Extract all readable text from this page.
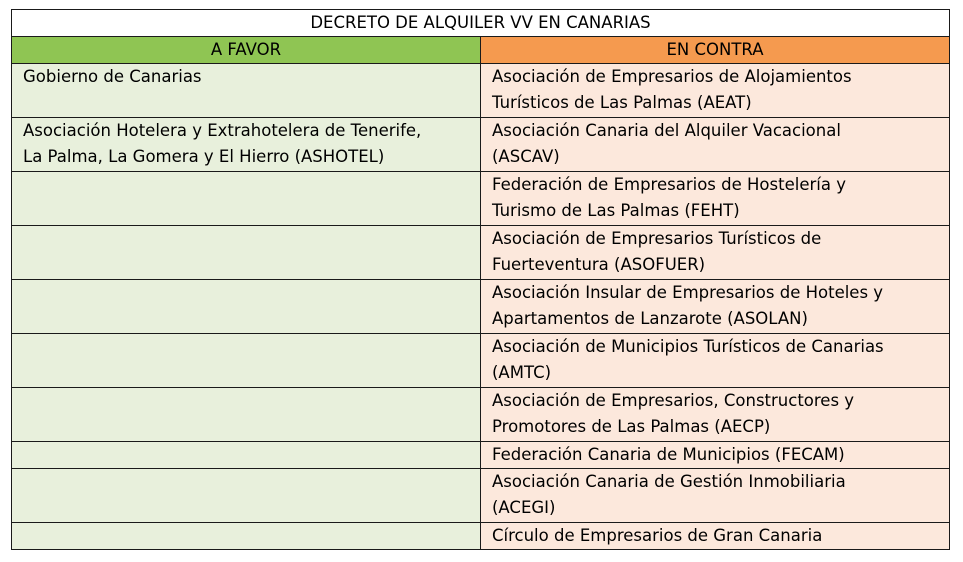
DECRETO DE ALQUILER VV EN CANARIAS	
A FAVOR	EN CONTRA

Gobierno de Canarias	Asociación de Empresarios de Alojamientos
Turísticos de Las Palmas (AEAT)

Asociación Hotelera y Extrahotelera de Tenerife,
La Palma, La Gomera y El Hierro (ASHOTEL)	Asociación Canaria del Alquiler Vacacional
(ASCAV)

	Federación de Empresarios de Hostelería y
Turismo de Las Palmas (FEHT)

	Asociación de Empresarios Turísticos de
Fuerteventura (ASOFUER)

	Asociación Insular de Empresarios de Hoteles y
Apartamentos de Lanzarote (ASOLAN)

	Asociación de Municipios Turísticos de Canarias
(AMTC)

	Asociación de Empresarios, Constructores y
Promotores de Las Palmas (AECP)

	Federación Canaria de Municipios (FECAM)

	Asociación Canaria de Gestión Inmobiliaria
(ACEGI)

	Círculo de Empresarios de Gran Canaria
